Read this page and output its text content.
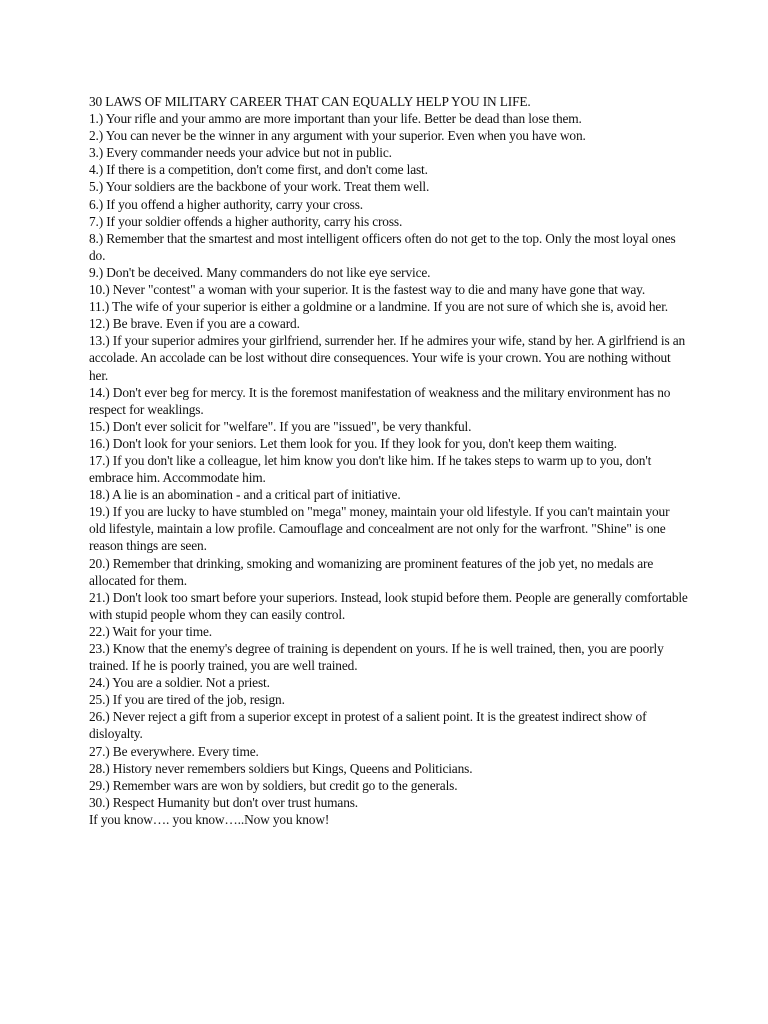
30 LAWS OF MILITARY CAREER THAT CAN EQUALLY HELP YOU IN LIFE.

1.) Your rifle and your ammo are more important than your life. Better be dead than lose them.

2.) You can never be the winner in any argument with your superior. Even when you have won.

3.) Every commander needs your advice but not in public.

4.) If there is a competition, don't come first, and don't come last.

5.) Your soldiers are the backbone of your work. Treat them well.

6.) If you offend a higher authority, carry your cross.

7.) If your soldier offends a higher authority, carry his cross.

8.) Remember that the smartest and most intelligent officers often do not get to the top. Only the most loyal ones do.

9.) Don't be deceived. Many commanders do not like eye service.

10.) Never "contest" a woman with your superior. It is the fastest way to die and many have gone that way.

11.) The wife of your superior is either a goldmine or a landmine. If you are not sure of which she is, avoid her.

12.) Be brave. Even if you are a coward.

13.) If your superior admires your girlfriend, surrender her. If he admires your wife, stand by her. A girlfriend is an accolade. An accolade can be lost without dire consequences. Your wife is your crown. You are nothing without her.

14.) Don't ever beg for mercy. It is the foremost manifestation of weakness and the military environment has no respect for weaklings.

15.) Don't ever solicit for "welfare". If you are "issued", be very thankful.

16.) Don't look for your seniors. Let them look for you. If they look for you, don't keep them waiting.

17.) If you don't like a colleague, let him know you don't like him. If he takes steps to warm up to you, don't embrace him. Accommodate him.

18.) A lie is an abomination - and a critical part of initiative.

19.) If you are lucky to have stumbled on "mega" money, maintain your old lifestyle. If you can't maintain your old lifestyle, maintain a low profile. Camouflage and concealment are not only for the warfront. "Shine" is one reason things are seen.

20.) Remember that drinking, smoking and womanizing are prominent features of the job yet, no medals are allocated for them.

21.) Don't look too smart before your superiors. Instead, look stupid before them. People are generally comfortable with stupid people whom they can easily control.

22.) Wait for your time.

23.) Know that the enemy's degree of training is dependent on yours. If he is well trained, then, you are poorly trained. If he is poorly trained, you are well trained.

24.) You are a soldier. Not a priest.

25.) If you are tired of the job, resign.

26.) Never reject a gift from a superior except in protest of a salient point. It is the greatest indirect show of disloyalty.

27.) Be everywhere. Every time.

28.) History never remembers soldiers but Kings, Queens and Politicians.

29.) Remember wars are won by soldiers, but credit go to the generals.

30.) Respect Humanity but don't over trust humans.

If you know…. you know…..Now you know!
